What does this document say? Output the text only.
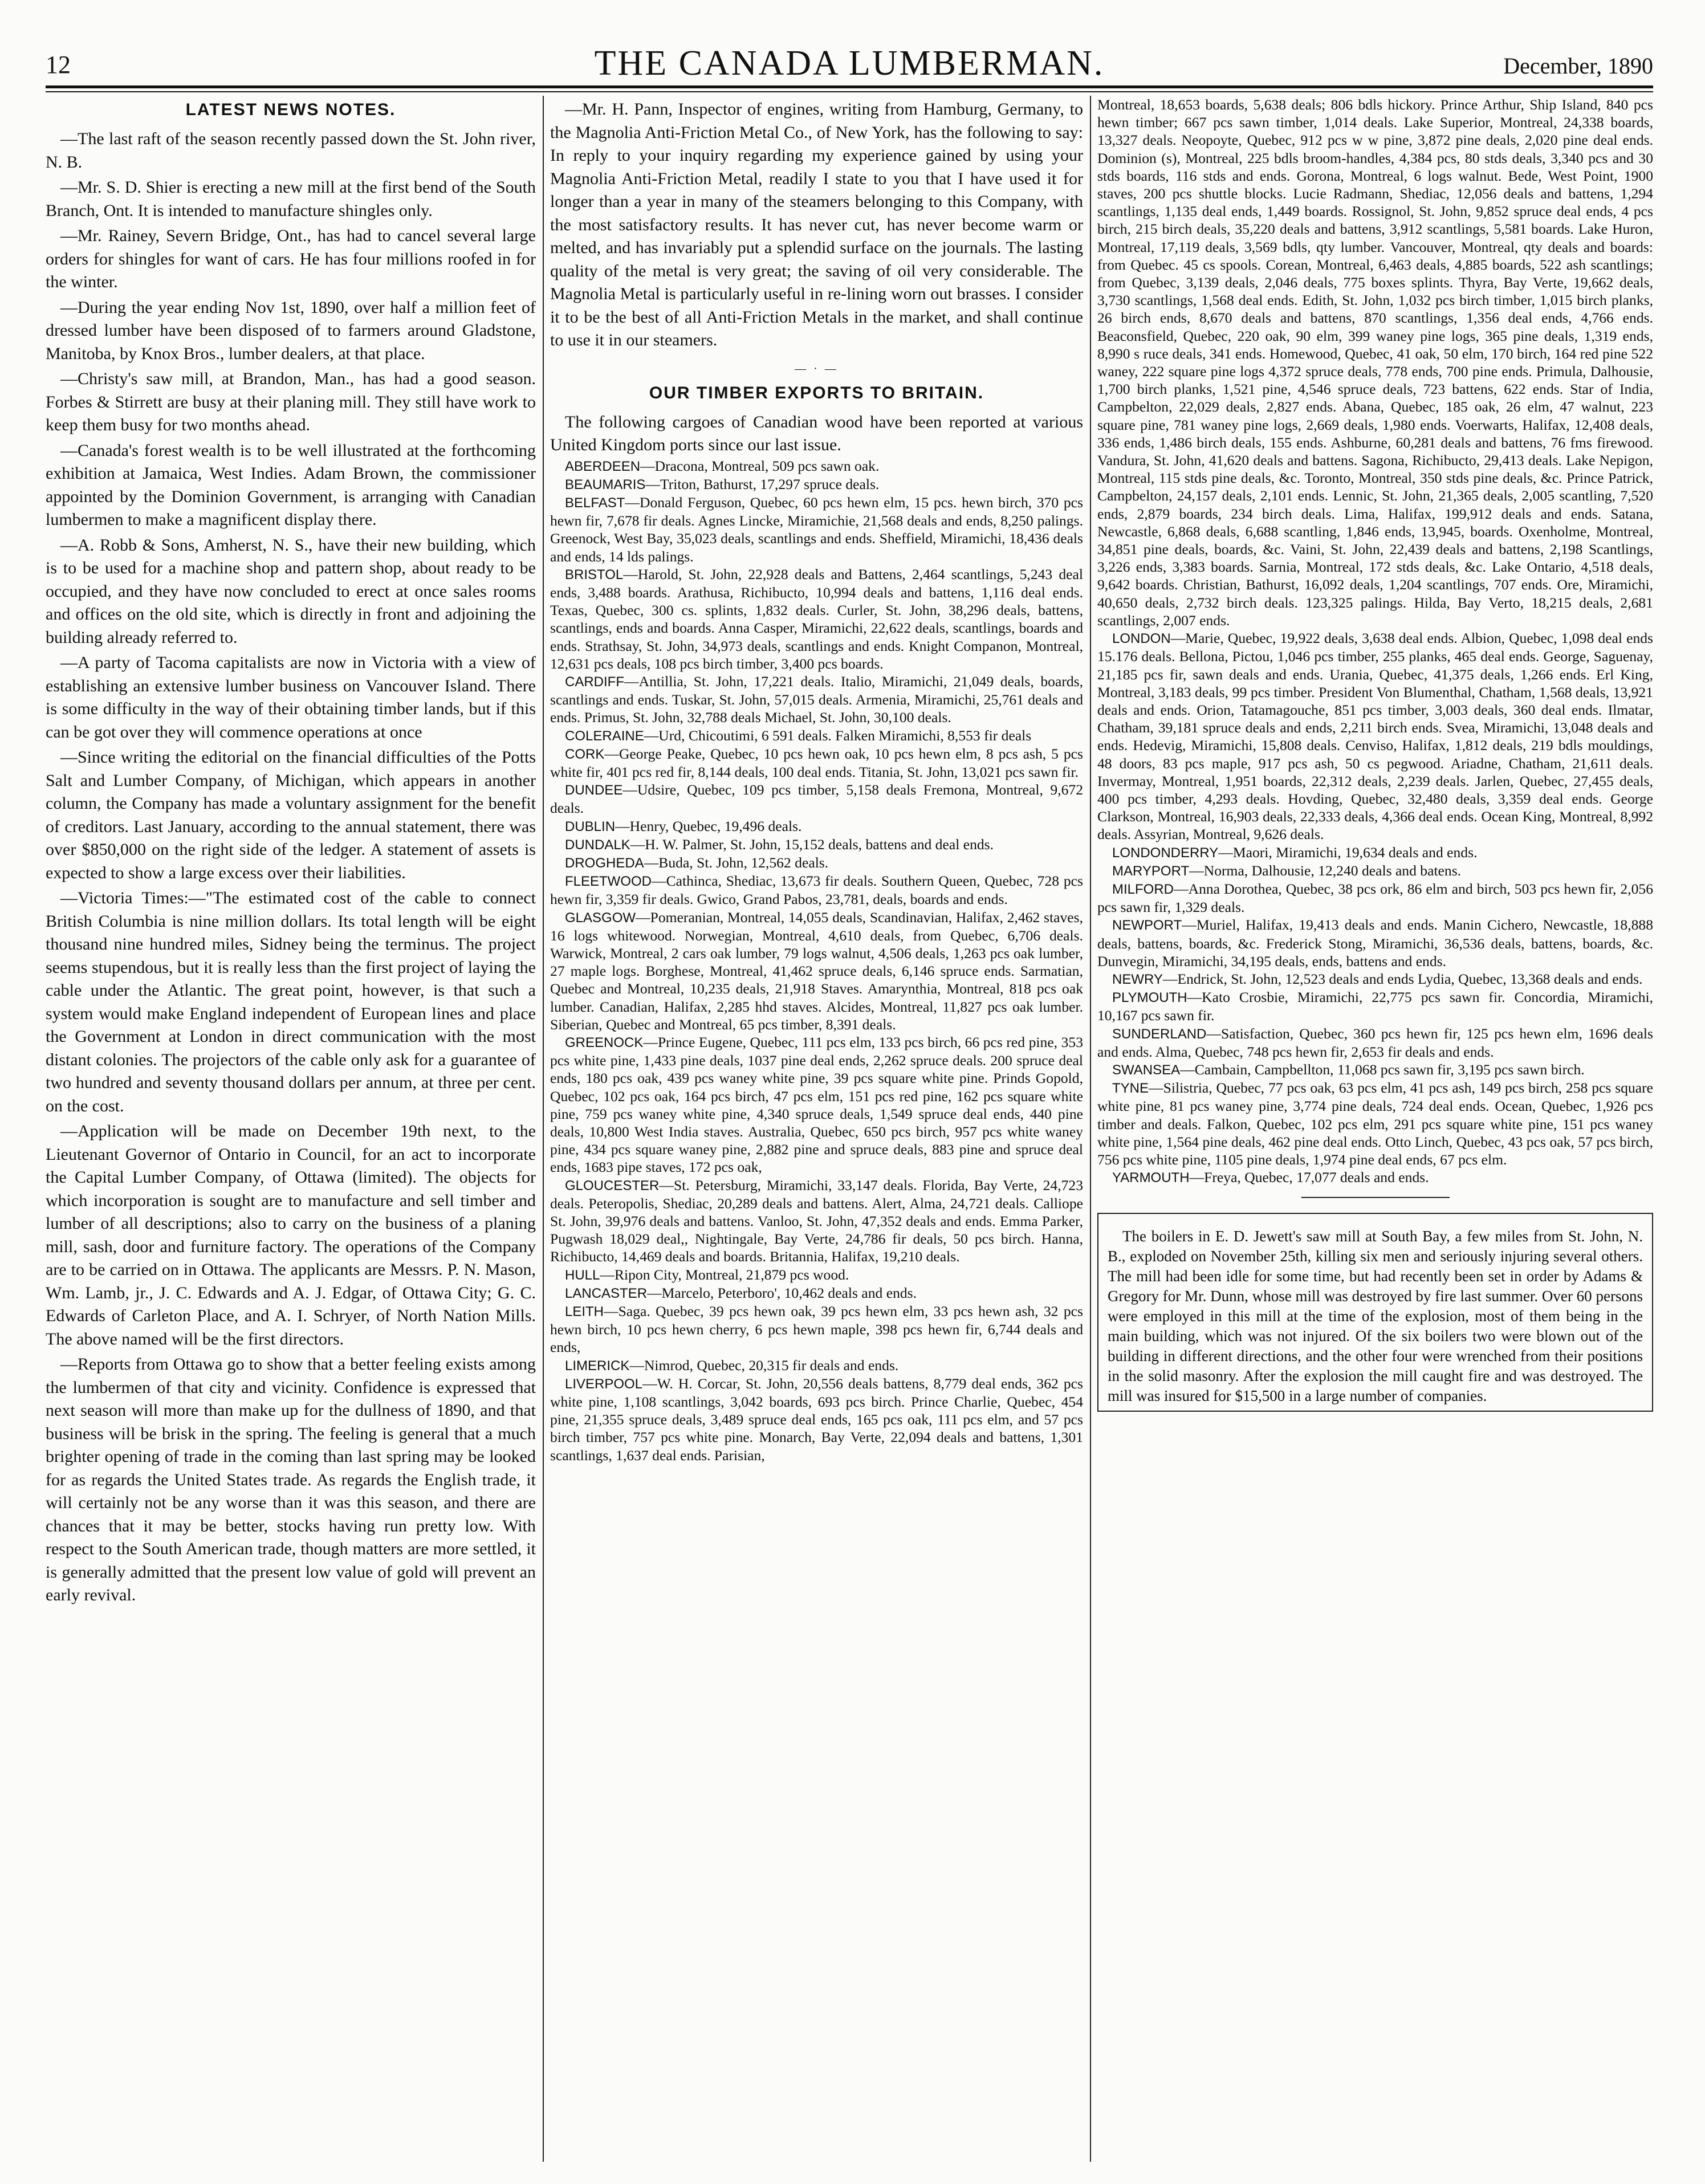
12	THE CANADA LUMBERMAN.	December, 1890
LATEST NEWS NOTES.

—The last raft of the season recently passed down the St. John river, N. B.

—Mr. S. D. Shier is erecting a new mill at the first bend of the South Branch, Ont. It is intended to manufacture shingles only.

—Mr. Rainey, Severn Bridge, Ont., has had to cancel several large orders for shingles for want of cars. He has four millions roofed in for the winter.

—During the year ending Nov 1st, 1890, over half a million feet of dressed lumber have been disposed of to farmers around Gladstone, Manitoba, by Knox Bros., lumber dealers, at that place.

—Christy's saw mill, at Brandon, Man., has had a good season. Forbes & Stirrett are busy at their planing mill. They still have work to keep them busy for two months ahead.

—Canada's forest wealth is to be well illustrated at the forthcoming exhibition at Jamaica, West Indies. Adam Brown, the commissioner appointed by the Dominion Government, is arranging with Canadian lumbermen to make a magnificent display there.

—A. Robb & Sons, Amherst, N. S., have their new building, which is to be used for a machine shop and pattern shop, about ready to be occupied, and they have now concluded to erect at once sales rooms and offices on the old site, which is directly in front and adjoining the building already referred to.

—A party of Tacoma capitalists are now in Victoria with a view of establishing an extensive lumber business on Vancouver Island. There is some difficulty in the way of their obtaining timber lands, but if this can be got over they will commence operations at once

—Since writing the editorial on the financial difficulties of the Potts Salt and Lumber Company, of Michigan, which appears in another column, the Company has made a voluntary assignment for the benefit of creditors. Last January, according to the annual statement, there was over $850,000 on the right side of the ledger. A statement of assets is expected to show a large excess over their liabilities.

—Victoria Times:—"The estimated cost of the cable to connect British Columbia is nine million dollars. Its total length will be eight thousand nine hundred miles, Sidney being the terminus. The project seems stupendous, but it is really less than the first project of laying the cable under the Atlantic. The great point, however, is that such a system would make England independent of European lines and place the Government at London in direct communication with the most distant colonies. The projectors of the cable only ask for a guarantee of two hundred and seventy thousand dollars per annum, at three per cent. on the cost.

—Application will be made on December 19th next, to the Lieutenant Governor of Ontario in Council, for an act to incorporate the Capital Lumber Company, of Ottawa (limited). The objects for which incorporation is sought are to manufacture and sell timber and lumber of all descriptions; also to carry on the business of a planing mill, sash, door and furniture factory. The operations of the Company are to be carried on in Ottawa. The applicants are Messrs. P. N. Mason, Wm. Lamb, jr., J. C. Edwards and A. J. Edgar, of Ottawa City; G. C. Edwards of Carleton Place, and A. I. Schryer, of North Nation Mills. The above named will be the first directors.

—Reports from Ottawa go to show that a better feeling exists among the lumbermen of that city and vicinity. Confidence is expressed that next season will more than make up for the dullness of 1890, and that business will be brisk in the spring. The feeling is general that a much brighter opening of trade in the coming than last spring may be looked for as regards the United States trade. As regards the English trade, it will certainly not be any worse than it was this season, and there are chances that it may be better, stocks having run pretty low. With respect to the South American trade, though matters are more settled, it is generally admitted that the present low value of gold will prevent an early revival.

—Mr. H. Pann, Inspector of engines, writing from Hamburg, Germany, to the Magnolia Anti-Friction Metal Co., of New York, has the following to say: In reply to your inquiry regarding my experience gained by using your Magnolia Anti-Friction Metal, readily I state to you that I have used it for longer than a year in many of the steamers belonging to this Company, with the most satisfactory results. It has never cut, has never become warm or melted, and has invariably put a splendid surface on the journals. The lasting quality of the metal is very great; the saving of oil very considerable. The Magnolia Metal is particularly useful in re-lining worn out brasses. I consider it to be the best of all Anti-Friction Metals in the market, and shall continue to use it in our steamers.

— · —
OUR TIMBER EXPORTS TO BRITAIN.

The following cargoes of Canadian wood have been reported at various United Kingdom ports since our last issue.

ABERDEEN—Dracona, Montreal, 509 pcs sawn oak.

BEAUMARIS—Triton, Bathurst, 17,297 spruce deals.

BELFAST—Donald Ferguson, Quebec, 60 pcs hewn elm, 15 pcs. hewn birch, 370 pcs hewn fir, 7,678 fir deals. Agnes Lincke, Miramichie, 21,568 deals and ends, 8,250 palings. Greenock, West Bay, 35,023 deals, scantlings and ends. Sheffield, Miramichi, 18,436 deals and ends, 14 lds palings.

BRISTOL—Harold, St. John, 22,928 deals and Battens, 2,464 scantlings, 5,243 deal ends, 3,488 boards. Arathusa, Richibucto, 10,994 deals and battens, 1,116 deal ends. Texas, Quebec, 300 cs. splints, 1,832 deals. Curler, St. John, 38,296 deals, battens, scantlings, ends and boards. Anna Casper, Miramichi, 22,622 deals, scantlings, boards and ends. Strathsay, St. John, 34,973 deals, scantlings and ends. Knight Companon, Montreal, 12,631 pcs deals, 108 pcs birch timber, 3,400 pcs boards.

CARDIFF—Antillia, St. John, 17,221 deals. Italio, Miramichi, 21,049 deals, boards, scantlings and ends. Tuskar, St. John, 57,015 deals. Armenia, Miramichi, 25,761 deals and ends. Primus, St. John, 32,788 deals Michael, St. John, 30,100 deals.

COLERAINE—Urd, Chicoutimi, 6 591 deals. Falken Miramichi, 8,553 fir deals

CORK—George Peake, Quebec, 10 pcs hewn oak, 10 pcs hewn elm, 8 pcs ash, 5 pcs white fir, 401 pcs red fir, 8,144 deals, 100 deal ends. Titania, St. John, 13,021 pcs sawn fir.

DUNDEE—Udsire, Quebec, 109 pcs timber, 5,158 deals Fremona, Montreal, 9,672 deals.

DUBLIN—Henry, Quebec, 19,496 deals.

DUNDALK—H. W. Palmer, St. John, 15,152 deals, battens and deal ends.

DROGHEDA—Buda, St. John, 12,562 deals.

FLEETWOOD—Cathinca, Shediac, 13,673 fir deals. Southern Queen, Quebec, 728 pcs hewn fir, 3,359 fir deals. Gwico, Grand Pabos, 23,781, deals, boards and ends.

GLASGOW—Pomeranian, Montreal, 14,055 deals, Scandinavian, Halifax, 2,462 staves, 16 logs whitewood. Norwegian, Montreal, 4,610 deals, from Quebec, 6,706 deals. Warwick, Montreal, 2 cars oak lumber, 79 logs walnut, 4,506 deals, 1,263 pcs oak lumber, 27 maple logs. Borghese, Montreal, 41,462 spruce deals, 6,146 spruce ends. Sarmatian, Quebec and Montreal, 10,235 deals, 21,918 Staves. Amarynthia, Montreal, 818 pcs oak lumber. Canadian, Halifax, 2,285 hhd staves. Alcides, Montreal, 11,827 pcs oak lumber. Siberian, Quebec and Montreal, 65 pcs timber, 8,391 deals.

GREENOCK—Prince Eugene, Quebec, 111 pcs elm, 133 pcs birch, 66 pcs red pine, 353 pcs white pine, 1,433 pine deals, 1037 pine deal ends, 2,262 spruce deals. 200 spruce deal ends, 180 pcs oak, 439 pcs waney white pine, 39 pcs square white pine. Prinds Gopold, Quebec, 102 pcs oak, 164 pcs birch, 47 pcs elm, 151 pcs red pine, 162 pcs square white pine, 759 pcs waney white pine, 4,340 spruce deals, 1,549 spruce deal ends, 440 pine deals, 10,800 West India staves. Australia, Quebec, 650 pcs birch, 957 pcs white waney pine, 434 pcs square waney pine, 2,882 pine and spruce deals, 883 pine and spruce deal ends, 1683 pipe staves, 172 pcs oak,

GLOUCESTER—St. Petersburg, Miramichi, 33,147 deals. Florida, Bay Verte, 24,723 deals. Peteropolis, Shediac, 20,289 deals and battens. Alert, Alma, 24,721 deals. Calliope St. John, 39,976 deals and battens. Vanloo, St. John, 47,352 deals and ends. Emma Parker, Pugwash 18,029 deal,, Nightingale, Bay Verte, 24,786 fir deals, 50 pcs birch. Hanna, Richibucto, 14,469 deals and boards. Britannia, Halifax, 19,210 deals.

HULL—Ripon City, Montreal, 21,879 pcs wood.

LANCASTER—Marcelo, Peterboro', 10,462 deals and ends.

LEITH—Saga. Quebec, 39 pcs hewn oak, 39 pcs hewn elm, 33 pcs hewn ash, 32 pcs hewn birch, 10 pcs hewn cherry, 6 pcs hewn maple, 398 pcs hewn fir, 6,744 deals and ends,

LIMERICK—Nimrod, Quebec, 20,315 fir deals and ends.

LIVERPOOL—W. H. Corcar, St. John, 20,556 deals battens, 8,779 deal ends, 362 pcs white pine, 1,108 scantlings, 3,042 boards, 693 pcs birch. Prince Charlie, Quebec, 454 pine, 21,355 spruce deals, 3,489 spruce deal ends, 165 pcs oak, 111 pcs elm, and 57 pcs birch timber, 757 pcs white pine. Monarch, Bay Verte, 22,094 deals and battens, 1,301 scantlings, 1,637 deal ends. Parisian,

Montreal, 18,653 boards, 5,638 deals; 806 bdls hickory. Prince Arthur, Ship Island, 840 pcs hewn timber; 667 pcs sawn timber, 1,014 deals. Lake Superior, Montreal, 24,338 boards, 13,327 deals. Neopoyte, Quebec, 912 pcs w w pine, 3,872 pine deals, 2,020 pine deal ends. Dominion (s), Montreal, 225 bdls broom-handles, 4,384 pcs, 80 stds deals, 3,340 pcs and 30 stds boards, 116 stds and ends. Gorona, Montreal, 6 logs walnut. Bede, West Point, 1900 staves, 200 pcs shuttle blocks. Lucie Radmann, Shediac, 12,056 deals and battens, 1,294 scantlings, 1,135 deal ends, 1,449 boards. Rossignol, St. John, 9,852 spruce deal ends, 4 pcs birch, 215 birch deals, 35,220 deals and battens, 3,912 scantlings, 5,581 boards. Lake Huron, Montreal, 17,119 deals, 3,569 bdls, qty lumber. Vancouver, Montreal, qty deals and boards: from Quebec. 45 cs spools. Corean, Montreal, 6,463 deals, 4,885 boards, 522 ash scantlings; from Quebec, 3,139 deals, 2,046 deals, 775 boxes splints. Thyra, Bay Verte, 19,662 deals, 3,730 scantlings, 1,568 deal ends. Edith, St. John, 1,032 pcs birch timber, 1,015 birch planks, 26 birch ends, 8,670 deals and battens, 870 scantlings, 1,356 deal ends, 4,766 ends. Beaconsfield, Quebec, 220 oak, 90 elm, 399 waney pine logs, 365 pine deals, 1,319 ends, 8,990 s ruce deals, 341 ends. Homewood, Quebec, 41 oak, 50 elm, 170 birch, 164 red pine 522 waney, 222 square pine logs 4,372 spruce deals, 778 ends, 700 pine ends. Primula, Dalhousie, 1,700 birch planks, 1,521 pine, 4,546 spruce deals, 723 battens, 622 ends. Star of India, Campbelton, 22,029 deals, 2,827 ends. Abana, Quebec, 185 oak, 26 elm, 47 walnut, 223 square pine, 781 waney pine logs, 2,669 deals, 1,980 ends. Voerwarts, Halifax, 12,408 deals, 336 ends, 1,486 birch deals, 155 ends. Ashburne, 60,281 deals and battens, 76 fms firewood. Vandura, St. John, 41,620 deals and battens. Sagona, Richibucto, 29,413 deals. Lake Nepigon, Montreal, 115 stds pine deals, &c. Toronto, Montreal, 350 stds pine deals, &c. Prince Patrick, Campbelton, 24,157 deals, 2,101 ends. Lennic, St. John, 21,365 deals, 2,005 scantling, 7,520 ends, 2,879 boards, 234 birch deals. Lima, Halifax, 199,912 deals and ends. Satana, Newcastle, 6,868 deals, 6,688 scantling, 1,846 ends, 13,945, boards. Oxenholme, Montreal, 34,851 pine deals, boards, &c. Vaini, St. John, 22,439 deals and battens, 2,198 Scantlings, 3,226 ends, 3,383 boards. Sarnia, Montreal, 172 stds deals, &c. Lake Ontario, 4,518 deals, 9,642 boards. Christian, Bathurst, 16,092 deals, 1,204 scantlings, 707 ends. Ore, Miramichi, 40,650 deals, 2,732 birch deals. 123,325 palings. Hilda, Bay Verto, 18,215 deals, 2,681 scantlings, 2,007 ends.

LONDON—Marie, Quebec, 19,922 deals, 3,638 deal ends. Albion, Quebec, 1,098 deal ends 15.176 deals. Bellona, Pictou, 1,046 pcs timber, 255 planks, 465 deal ends. George, Saguenay, 21,185 pcs fir, sawn deals and ends. Urania, Quebec, 41,375 deals, 1,266 ends. Erl King, Montreal, 3,183 deals, 99 pcs timber. President Von Blumenthal, Chatham, 1,568 deals, 13,921 deals and ends. Orion, Tatamagouche, 851 pcs timber, 3,003 deals, 360 deal ends. Ilmatar, Chatham, 39,181 spruce deals and ends, 2,211 birch ends. Svea, Miramichi, 13,048 deals and ends. Hedevig, Miramichi, 15,808 deals. Cenviso, Halifax, 1,812 deals, 219 bdls mouldings, 48 doors, 83 pcs maple, 917 pcs ash, 50 cs pegwood. Ariadne, Chatham, 21,611 deals. Invermay, Montreal, 1,951 boards, 22,312 deals, 2,239 deals. Jarlen, Quebec, 27,455 deals, 400 pcs timber, 4,293 deals. Hovding, Quebec, 32,480 deals, 3,359 deal ends. George Clarkson, Montreal, 16,903 deals, 22,333 deals, 4,366 deal ends. Ocean King, Montreal, 8,992 deals. Assyrian, Montreal, 9,626 deals.

LONDONDERRY—Maori, Miramichi, 19,634 deals and ends.

MARYPORT—Norma, Dalhousie, 12,240 deals and batens.

MILFORD—Anna Dorothea, Quebec, 38 pcs ork, 86 elm and birch, 503 pcs hewn fir, 2,056 pcs sawn fir, 1,329 deals.

NEWPORT—Muriel, Halifax, 19,413 deals and ends. Manin Cichero, Newcastle, 18,888 deals, battens, boards, &c. Frederick Stong, Miramichi, 36,536 deals, battens, boards, &c. Dunvegin, Miramichi, 34,195 deals, ends, battens and ends.

NEWRY—Endrick, St. John, 12,523 deals and ends Lydia, Quebec, 13,368 deals and ends.

PLYMOUTH—Kato Crosbie, Miramichi, 22,775 pcs sawn fir. Concordia, Miramichi, 10,167 pcs sawn fir.

SUNDERLAND—Satisfaction, Quebec, 360 pcs hewn fir, 125 pcs hewn elm, 1696 deals and ends. Alma, Quebec, 748 pcs hewn fir, 2,653 fir deals and ends.

SWANSEA—Cambain, Campbellton, 11,068 pcs sawn fir, 3,195 pcs sawn birch.

TYNE—Silistria, Quebec, 77 pcs oak, 63 pcs elm, 41 pcs ash, 149 pcs birch, 258 pcs square white pine, 81 pcs waney pine, 3,774 pine deals, 724 deal ends. Ocean, Quebec, 1,926 pcs timber and deals. Falkon, Quebec, 102 pcs elm, 291 pcs square white pine, 151 pcs waney white pine, 1,564 pine deals, 462 pine deal ends. Otto Linch, Quebec, 43 pcs oak, 57 pcs birch, 756 pcs white pine, 1105 pine deals, 1,974 pine deal ends, 67 pcs elm.

YARMOUTH—Freya, Quebec, 17,077 deals and ends.

The boilers in E. D. Jewett's saw mill at South Bay, a few miles from St. John, N. B., exploded on November 25th, killing six men and seriously injuring several others. The mill had been idle for some time, but had recently been set in order by Adams & Gregory for Mr. Dunn, whose mill was destroyed by fire last summer. Over 60 persons were employed in this mill at the time of the explosion, most of them being in the main building, which was not injured. Of the six boilers two were blown out of the building in different directions, and the other four were wrenched from their positions in the solid masonry. After the explosion the mill caught fire and was destroyed. The mill was insured for $15,500 in a large number of companies.
